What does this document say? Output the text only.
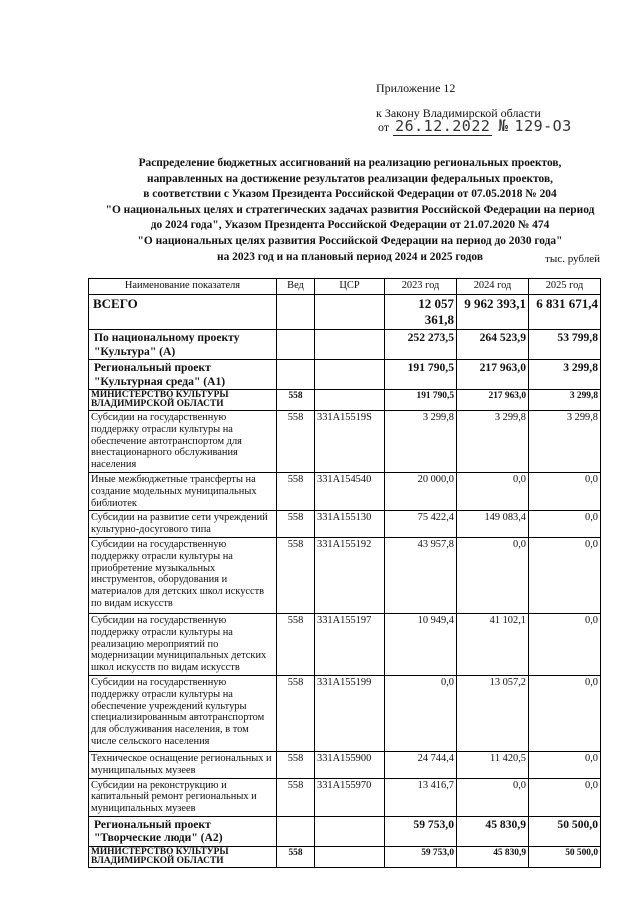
Приложение 12
к Закону Владимирской области
от 26.12.2022 № 129-ОЗ
Распределение бюджетных ассигнований на реализацию региональных проектов,
направленных на достижение результатов реализации федеральных проектов,
в соответствии с Указом Президента Российской Федерации от 07.05.2018 № 204
"О национальных целях и стратегических задачах развития Российской Федерации на период
до 2024 года", Указом Президента Российской Федерации от 21.07.2020 № 474
"О национальных целях развития Российской Федерации на период до 2030 года"
на 2023 год и на плановый период 2024 и 2025 годов	тыс. рублей
Наименование показателя	Вед	ЦСР	2023 год	2024 год	2025 год
ВСЕГО			12 057 361,8	9 962 393,1	6 831 671,4
По национальному проекту "Культура" (А)			252 273,5	264 523,9	53 799,8
Региональный проект "Культурная среда" (А1)			191 790,5	217 963,0	3 299,8
МИНИСТЕРСТВО КУЛЬТУРЫ ВЛАДИМИРСКОЙ ОБЛАСТИ	558		191 790,5	217 963,0	3 299,8
Субсидии на государственную поддержку отрасли культуры на обеспечение автотранспортом для внестационарного обслуживания населения	558	331А15519S	3 299,8	3 299,8	3 299,8
Иные межбюджетные трансферты на создание модельных муниципальных библиотек	558	331А154540	20 000,0	0,0	0,0
Субсидии на развитие сети учреждений культурно-досугового типа	558	331А155130	75 422,4	149 083,4	0,0
Субсидии на государственную поддержку отрасли культуры на приобретение музыкальных инструментов, оборудования и материалов для детских школ искусств по видам искусств	558	331А155192	43 957,8	0,0	0,0
Субсидии на государственную поддержку отрасли культуры на реализацию мероприятий по модернизации муниципальных детских школ искусств по видам искусств	558	331А155197	10 949,4	41 102,1	0,0
Субсидии на государственную поддержку отрасли культуры на обеспечение учреждений культуры специализированным автотранспортом для обслуживания населения, в том числе сельского населения	558	331А155199	0,0	13 057,2	0,0
Техническое оснащение региональных и муниципальных музеев	558	331А155900	24 744,4	11 420,5	0,0
Субсидии на реконструкцию и капитальный ремонт региональных и муниципальных музеев	558	331А155970	13 416,7	0,0	0,0
Региональный проект "Творческие люди" (А2)			59 753,0	45 830,9	50 500,0
МИНИСТЕРСТВО КУЛЬТУРЫ ВЛАДИМИРСКОЙ ОБЛАСТИ	558		59 753,0	45 830,9	50 500,0
